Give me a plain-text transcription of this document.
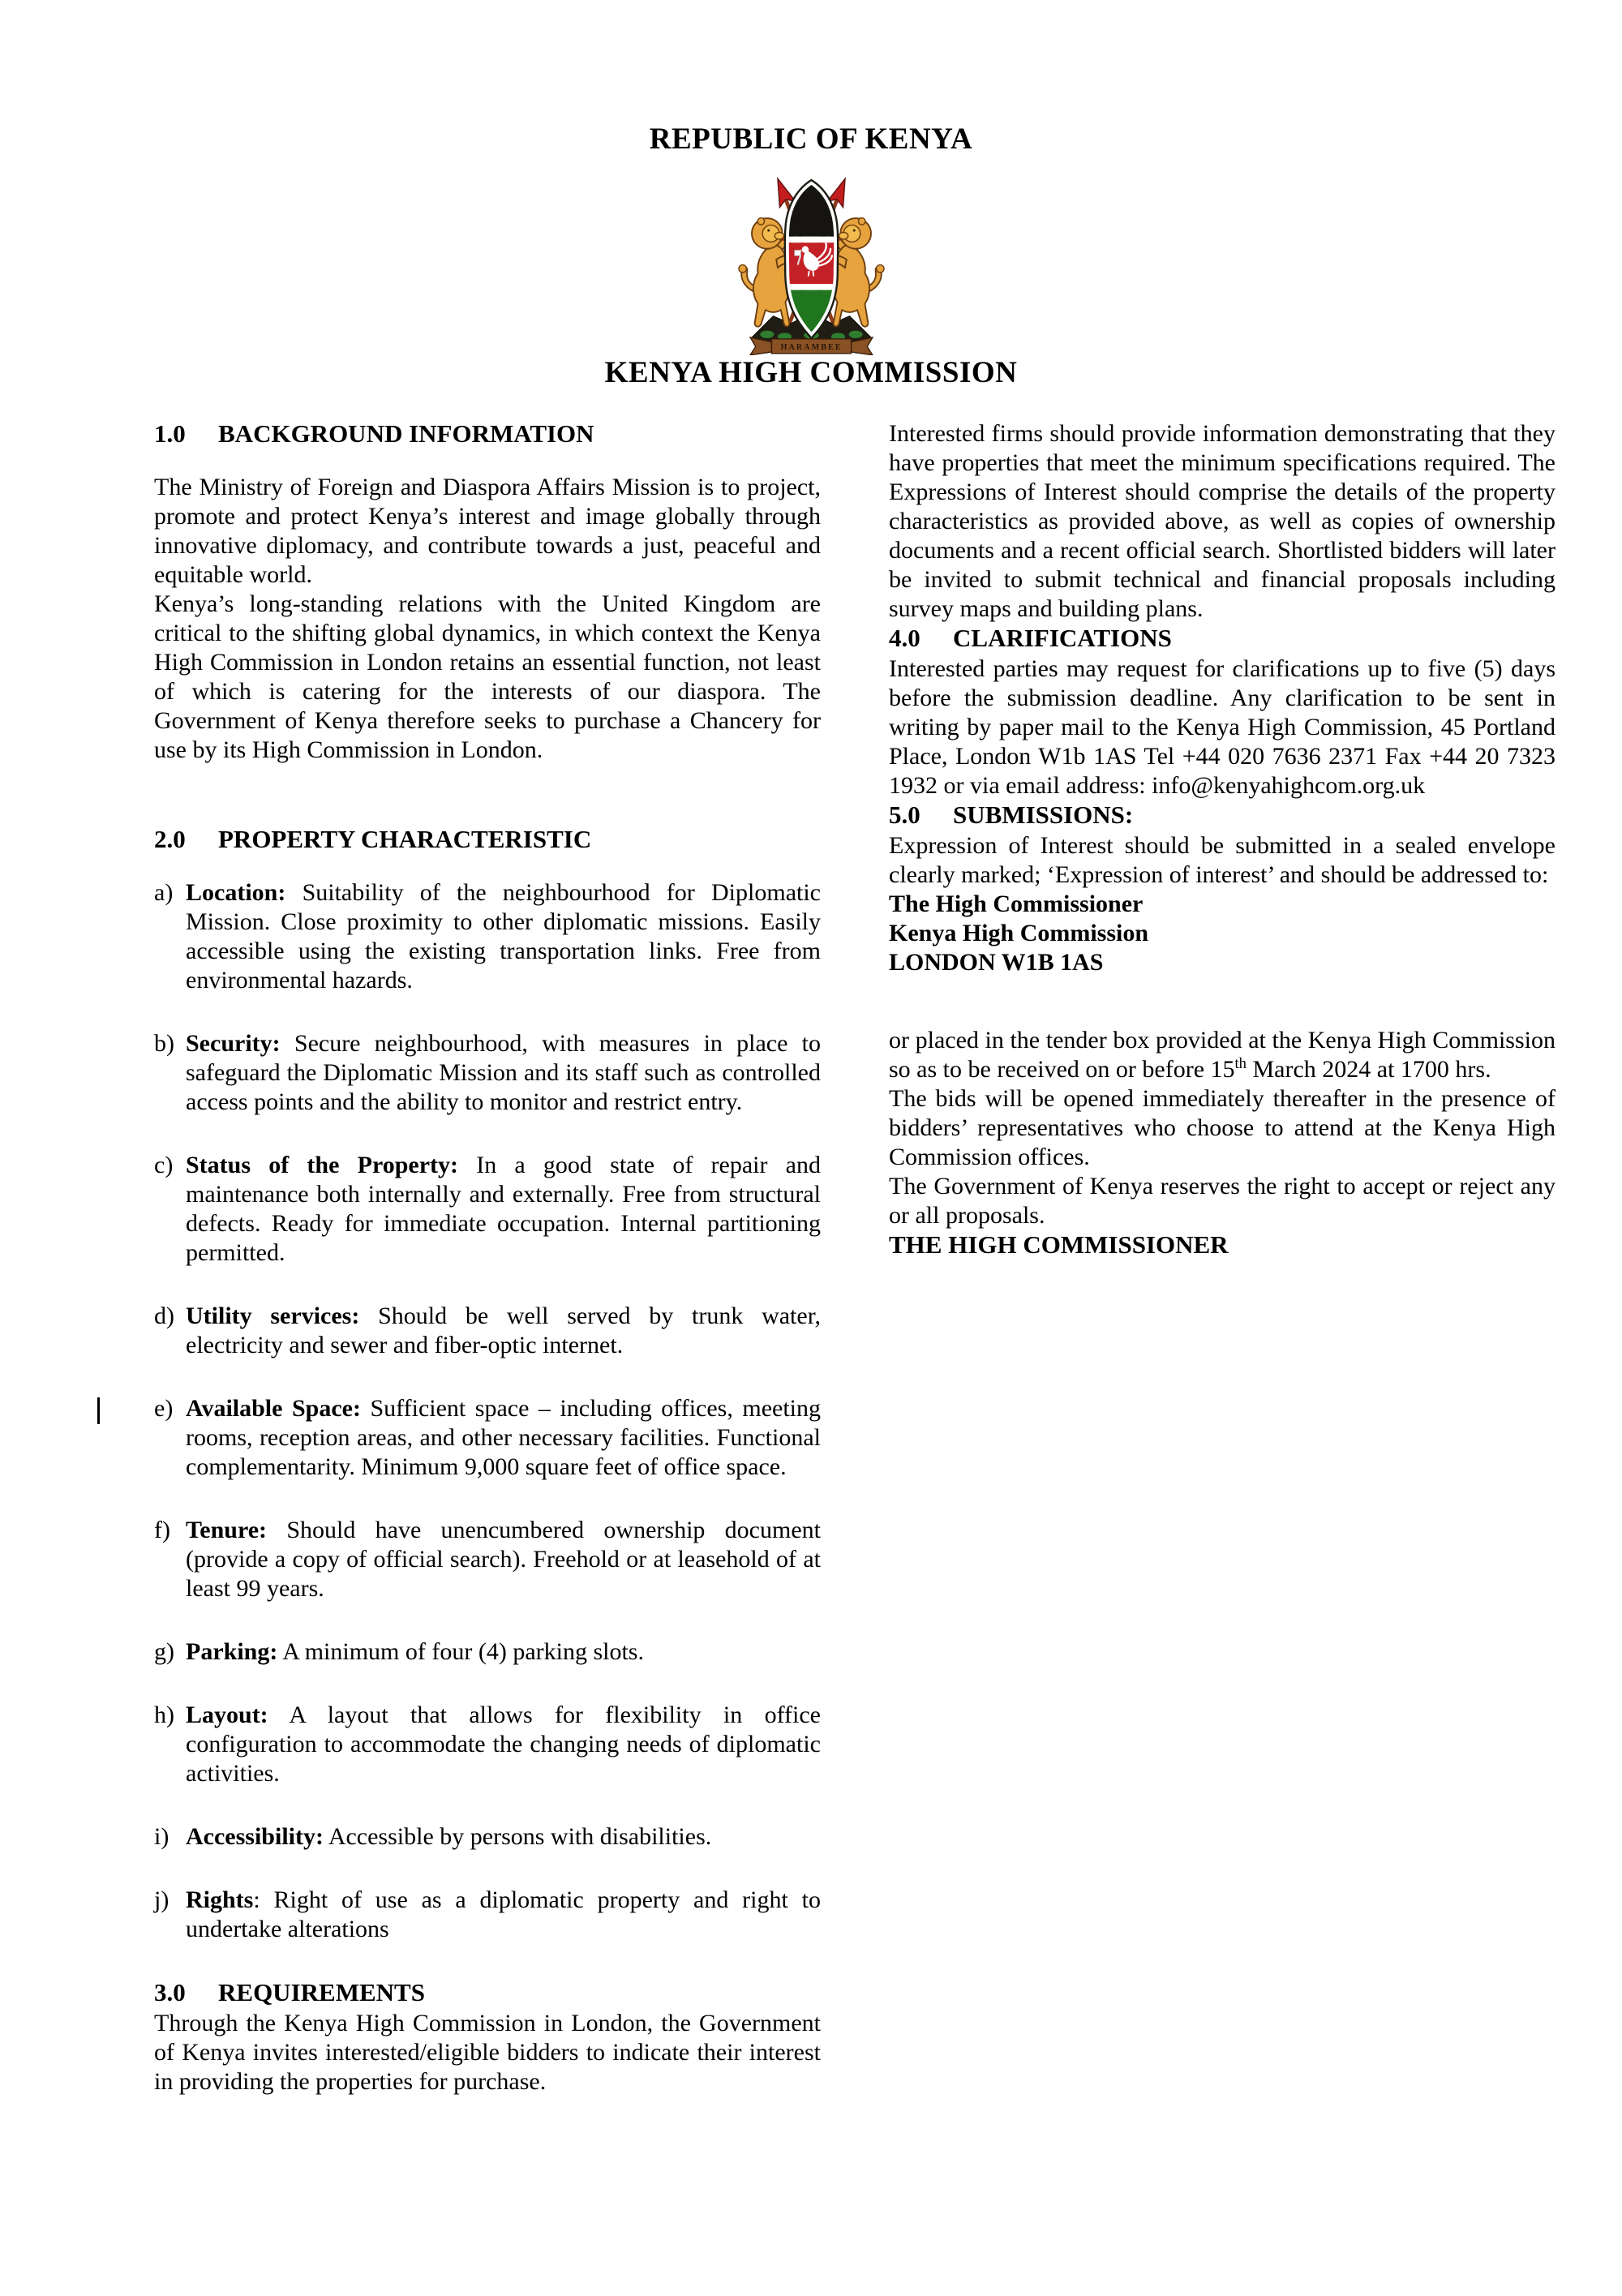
REPUBLIC OF KENYA
HARAMBEE
KENYA HIGH COMMISSION
1.0	BACKGROUND INFORMATION

The Ministry of Foreign and Diaspora Affairs Mission is to project, promote and protect Kenya’s interest and image globally through innovative diplomacy, and contribute towards a just, peaceful and equitable world.

Kenya’s long-standing relations with the United Kingdom are critical to the shifting global dynamics, in which context the Kenya High Commission in London retains an essential function, not least of which is catering for the interests of our diaspora. The Government of Kenya therefore seeks to purchase a Chancery for use by its High Commission in London.

2.0	PROPERTY CHARACTERISTIC
a) Location: Suitability of the neighbourhood for Diplomatic Mission. Close proximity to other diplomatic missions. Easily accessible using the existing transportation links. Free from environmental hazards.
b) Security: Secure neighbourhood, with measures in place to safeguard the Diplomatic Mission and its staff such as controlled access points and the ability to monitor and restrict entry.
c) Status of the Property: In a good state of repair and maintenance both internally and externally. Free from structural defects. Ready for immediate occupation. Internal partitioning permitted.
d) Utility services: Should be well served by trunk water, electricity and sewer and fiber-optic internet.
e) Available Space: Sufficient space – including offices, meeting rooms, reception areas, and other necessary facilities. Functional complementarity. Minimum 9,000 square feet of office space.
f) Tenure: Should have unencumbered ownership document (provide a copy of official search). Freehold or at leasehold of at least 99 years.
g) Parking: A minimum of four (4) parking slots.
h) Layout: A layout that allows for flexibility in office configuration to accommodate the changing needs of diplomatic activities.
i) Accessibility: Accessible by persons with disabilities.
j) Rights: Right of use as a diplomatic property and right to undertake alterations
3.0	REQUIREMENTS

Through the Kenya High Commission in London, the Government of Kenya invites interested/eligible bidders to indicate their interest in providing the properties for purchase.

Interested firms should provide information demonstrating that they have properties that meet the minimum specifications required. The Expressions of Interest should comprise the details of the property characteristics as provided above, as well as copies of ownership documents and a recent official search. Shortlisted bidders will later be invited to submit technical and financial proposals including survey maps and building plans.

4.0	CLARIFICATIONS

Interested parties may request for clarifications up to five (5) days before the submission deadline. Any clarification to be sent in writing by paper mail to the Kenya High Commission, 45 Portland Place, London W1b 1AS Tel +44 020 7636 2371 Fax +44 20 7323 1932 or via email address: info@kenyahighcom.org.uk

5.0	SUBMISSIONS:

Expression of Interest should be submitted in a sealed envelope clearly marked; ‘Expression of interest’ and should be addressed to:

The High Commissioner
Kenya High Commission
LONDON W1B 1AS

or placed in the tender box provided at the Kenya High Commission so as to be received on or before 15th March 2024 at 1700 hrs.

The bids will be opened immediately thereafter in the presence of bidders’ representatives who choose to attend at the Kenya High Commission offices.

The Government of Kenya reserves the right to accept or reject any or all proposals.

THE HIGH COMMISSIONER
